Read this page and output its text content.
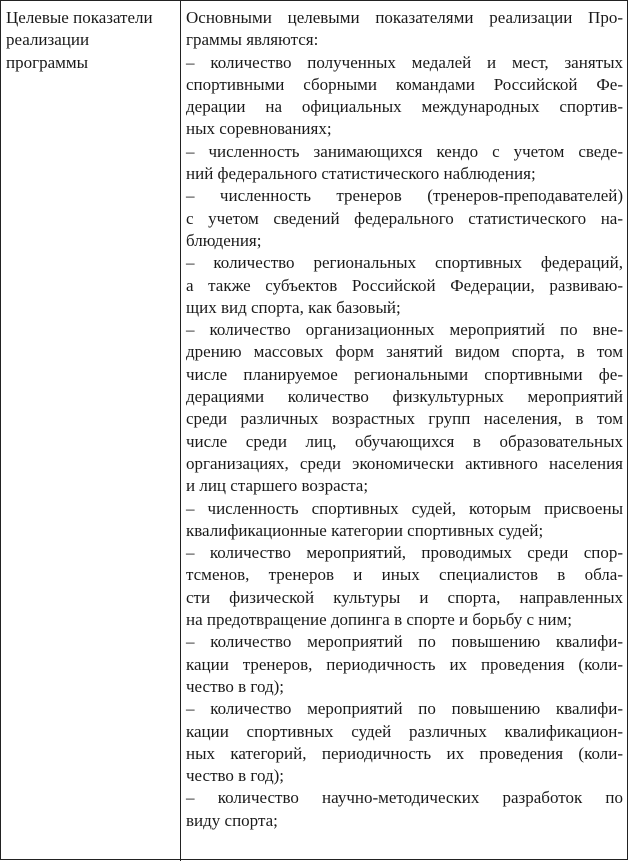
Целевые показатели
реализации
программы
Основными целевыми показателями реализации Про-
граммы являются:
– количество полученных медалей и мест, занятых
спортивными сборными командами Российской Фе-
дерации на официальных международных спортив-
ных соревнованиях;
– численность занимающихся кендо с учетом сведе-
ний федерального статистического наблюдения;
– численность тренеров (тренеров-преподавателей)
с учетом сведений федерального статистического на-
блюдения;
– количество региональных спортивных федераций,
а также субъектов Российской Федерации, развиваю-
щих вид спорта, как базовый;
– количество организационных мероприятий по вне-
дрению массовых форм занятий видом спорта, в том
числе планируемое региональными спортивными фе-
дерациями количество физкультурных мероприятий
среди различных возрастных групп населения, в том
числе среди лиц, обучающихся в образовательных
организациях, среди экономически активного населения
и лиц старшего возраста;
– численность спортивных судей, которым присвоены
квалификационные категории спортивных судей;
– количество мероприятий, проводимых среди спор-
тсменов, тренеров и иных специалистов в обла-
сти физической культуры и спорта, направленных
на предотвращение допинга в спорте и борьбу с ним;
– количество мероприятий по повышению квалифи-
кации тренеров, периодичность их проведения (коли-
чество в год);
– количество мероприятий по повышению квалифи-
кации спортивных судей различных квалификацион-
ных категорий, периодичность их проведения (коли-
чество в год);
– количество научно-методических разработок по
виду спорта;
